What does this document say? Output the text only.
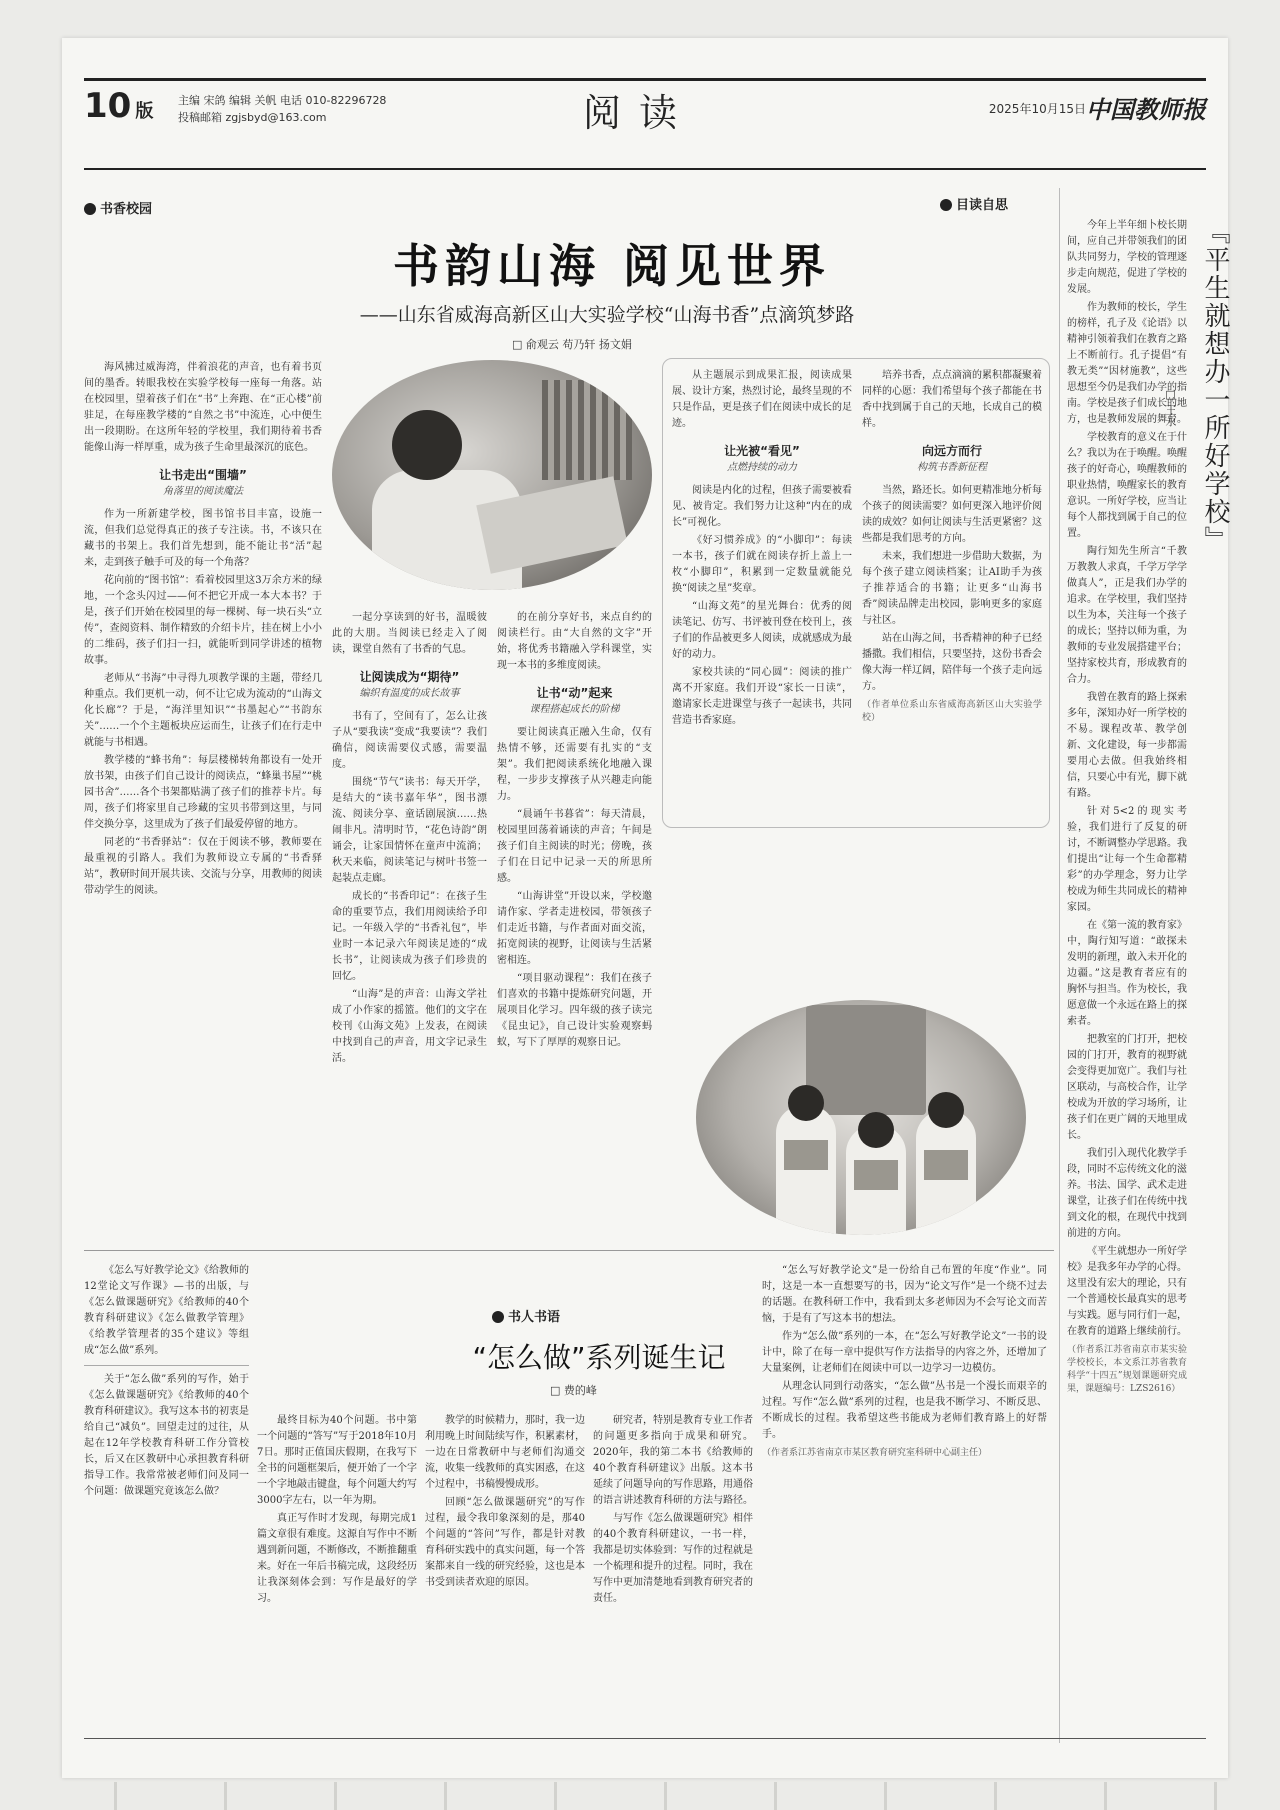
10 版
主编 宋鸽 编辑 关帆 电话 010-82296728
投稿邮箱 zgjsbyd@163.com	阅读	2025年10月15日 中国教师报
书香校园	目读自思
书韵山海 阅见世界
——山东省威海高新区山大实验学校“山海书香”点滴筑梦路
□ 俞观云 苟乃轩 扬文娟

海风拂过威海湾，伴着浪花的声音，也有着书页间的墨香。转眼我校在实验学校每一座每一角落。站在校园里，望着孩子们在“书”上奔跑、在“正心楼”前驻足，在每座教学楼的“自然之书”中流连，心中便生出一段期盼。在这所年轻的学校里，我们期待着书香能像山海一样厚重，成为孩子生命里最深沉的底色。

让书走出“围墙”
角落里的阅读魔法

作为一所新建学校，图书馆书目丰富，设施一流，但我们总觉得真正的孩子专注读。书，不该只在藏书的书架上。我们首先想到，能不能让书“活”起来，走到孩子触手可及的每一个角落？

花向前的“图书馆”：看着校园里这3万余方米的绿地，一个念头闪过——何不把它开成一本大本书？于是，孩子们开始在校园里的每一棵树、每一块石头“立传”，查阅资料、制作精致的介绍卡片，挂在树上小小的二维码，孩子们扫一扫，就能听到同学讲述的植物故事。

老师从“书海”中寻得九项教学课的主题，带经几种重点。我们更机一动，何不让它成为流动的“山海文化长廊”？于是，“海洋里知识”“书墨起心”“书韵东关”……一个个主题板块应运而生，让孩子们在行走中就能与书相遇。

教学楼的“蜂书角”：每层楼梯转角都设有一处开放书架，由孩子们自己设计的阅读点，“蜂巢书屋”“桃园书舍”……各个书架都贴满了孩子们的推荐卡片。每周，孩子们将家里自己珍藏的宝贝书带到这里，与同伴交换分享，这里成为了孩子们最爱停留的地方。

同老的“书香驿站”：仅在于阅读不够，教师要在最重视的引路人。我们为教师设立专属的“书香驿站”，教研时间开展共读、交流与分享，用教师的阅读带动学生的阅读。

一起分享读到的好书，温暖彼此的大朋。当阅读已经走入了阅读，课堂自然有了书香的气息。

让阅读成为“期待”
编织有温度的成长故事

书有了，空间有了，怎么让孩子从“要我读”变成“我要读”？我们确信，阅读需要仪式感，需要温度。

围绕“节气”读书：每天开学，是结大的“读书嘉年华”，图书漂流、阅读分享、童话剧展演……热闹非凡。清明时节，“花色诗韵”朗诵会，让家国情怀在童声中流淌；秋天来临，阅读笔记与树叶书签一起装点走廊。

成长的“书香印记”：在孩子生命的重要节点，我们用阅读给予印记。一年级入学的“书香礼包”，毕业时一本记录六年阅读足迹的“成长书”，让阅读成为孩子们珍贵的回忆。

“山海”是的声音：山海文学社成了小作家的摇篮。他们的文字在校刊《山海文苑》上发表，在阅读中找到自己的声音，用文字记录生活。

的在前分享好书，来点自约的阅读栏行。由“大自然的文字”开始，将优秀书籍融入学科课堂，实现一本书的多维度阅读。

让书“动”起来
课程搭起成长的阶梯

要让阅读真正融入生命，仅有热情不够，还需要有扎实的“支架”。我们把阅读系统化地融入课程，一步步支撑孩子从兴趣走向能力。

“晨诵午书暮省”：每天清晨，校园里回荡着诵读的声音；午间是孩子们自主阅读的时光；傍晚，孩子们在日记中记录一天的所思所感。

“山海讲堂”开设以来，学校邀请作家、学者走进校园，带领孩子们走近书籍，与作者面对面交流，拓宽阅读的视野，让阅读与生活紧密相连。

“项目驱动课程”：我们在孩子们喜欢的书籍中提炼研究问题，开展项目化学习。四年级的孩子读完《昆虫记》，自己设计实验观察蚂蚁，写下了厚厚的观察日记。

从主题展示到成果汇报，阅读成果展、设计方案，热烈讨论，最终呈现的不只是作品，更是孩子们在阅读中成长的足迹。

让光被“看见”
点燃持续的动力

阅读是内化的过程，但孩子需要被看见、被肯定。我们努力让这种“内在的成长”可视化。

《好习惯养成》的“小脚印”：每读一本书，孩子们就在阅读存折上盖上一枚“小脚印”，积累到一定数量就能兑换“阅读之星”奖章。

“山海文苑”的星光舞台：优秀的阅读笔记、仿写、书评被刊登在校刊上，孩子们的作品被更多人阅读，成就感成为最好的动力。

家校共读的“同心圆”：阅读的推广离不开家庭。我们开设“家长一日读”，邀请家长走进课堂与孩子一起读书，共同营造书香家庭。

培养书香，点点滴滴的累积都凝聚着同样的心愿：我们希望每个孩子都能在书香中找到属于自己的天地，长成自己的模样。

向远方而行
构筑书香新征程

当然，路还长。如何更精准地分析每个孩子的阅读需要？如何更深入地评价阅读的成效？如何让阅读与生活更紧密？这些都是我们思考的方向。

未来，我们想进一步借助大数据，为每个孩子建立阅读档案；让AI助手为孩子推荐适合的书籍；让更多“山海书香”阅读品牌走出校园，影响更多的家庭与社区。

站在山海之间，书香精神的种子已经播撒。我们相信，只要坚持，这份书香会像大海一样辽阔，陪伴每一个孩子走向远方。

（作者单位系山东省威海高新区山大实验学校）

今年上半年细卜校长期间，应自己并带领我们的团队共同努力，学校的管理逐步走向规范，促进了学校的发展。

作为教师的校长，学生的榜样，孔子及《论语》以精神引领着我们在教育之路上不断前行。孔子提倡“有教无类”“因材施教”，这些思想至今仍是我们办学的指南。学校是孩子们成长的地方，也是教师发展的舞台。

学校教育的意义在于什么？我以为在于唤醒。唤醒孩子的好奇心，唤醒教师的职业热情，唤醒家长的教育意识。一所好学校，应当让每个人都找到属于自己的位置。

陶行知先生所言“千教万教教人求真，千学万学学做真人”，正是我们办学的追求。在学校里，我们坚持以生为本，关注每一个孩子的成长；坚持以师为重，为教师的专业发展搭建平台；坚持家校共育，形成教育的合力。

我曾在教育的路上探索多年，深知办好一所学校的不易。课程改革、教学创新、文化建设，每一步都需要用心去做。但我始终相信，只要心中有光，脚下就有路。

针对5<2的现实考验，我们进行了反复的研讨，不断调整办学思路。我们提出“让每一个生命都精彩”的办学理念，努力让学校成为师生共同成长的精神家园。

在《第一流的教育家》中，陶行知写道：“敢探未发明的新理，敢入未开化的边疆。”这是教育者应有的胸怀与担当。作为校长，我愿意做一个永远在路上的探索者。

把教室的门打开，把校园的门打开，教育的视野就会变得更加宽广。我们与社区联动，与高校合作，让学校成为开放的学习场所，让孩子们在更广阔的天地里成长。

我们引入现代化教学手段，同时不忘传统文化的滋养。书法、国学、武术走进课堂，让孩子们在传统中找到文化的根，在现代中找到前进的方向。

《平生就想办一所好学校》是我多年办学的心得。这里没有宏大的理论，只有一个普通校长最真实的思考与实践。愿与同行们一起，在教育的道路上继续前行。

（作者系江苏省南京市某实验学校校长，本文系江苏省教育科学“十四五”规划课题研究成果，课题编号：LZS2616）

『平生就想办一所好学校』
□ 王永
书人书语
“怎么做”系列诞生记
□ 费的峰

《怎么写好教学论文》《给教师的12堂论文写作课》—书的出版，与《怎么做课题研究》《给教师的40个教育科研建议》《怎么做教学管理》《给教学管理者的35个建议》等组成“怎么做”系列。

关于“怎么做”系列的写作，始于《怎么做课题研究》《给教师的40个教育科研建议》。我写这本书的初衷是给自己“减负”。回望走过的过往，从起在12年学校教育科研工作分管校长，后又在区教研中心承担教育科研指导工作。我常常被老师们问及同一个问题：做课题究竟该怎么做？

最终目标为40个问题。书中第一个问题的“答写”写于2018年10月7日。那时正值国庆假期，在我写下全书的问题框架后，便开始了一个字一个字地敲击键盘，每个问题大约写3000字左右，以一年为期。

真正写作时才发现，每期完成1篇文章很有难度。这源自写作中不断遇到新问题，不断修改，不断推翻重来。好在一年后书稿完成，这段经历让我深刻体会到：写作是最好的学习。

教学的时候精力，那时，我一边利用晚上时间陆续写作，积累素材，一边在日常教研中与老师们沟通交流，收集一线教师的真实困惑，在这个过程中，书稿慢慢成形。

回顾“怎么做课题研究”的写作过程，最令我印象深刻的是，那40个问题的“答问”写作，都是针对教育科研实践中的真实问题，每一个答案都来自一线的研究经验，这也是本书受到读者欢迎的原因。

研究者，特别是教育专业工作者的问题更多指向于成果和研究。2020年，我的第二本书《给教师的40个教育科研建议》出版。这本书延续了问题导向的写作思路，用通俗的语言讲述教育科研的方法与路径。

与写作《怎么做课题研究》相伴的40个教育科研建议，一书一样，我都是切实体验到：写作的过程就是一个梳理和提升的过程。同时，我在写作中更加清楚地看到教育研究者的责任。

“怎么写好教学论文”是一份给自己布置的年度“作业”。同时，这是一本一直想要写的书，因为“论文写作”是一个绕不过去的话题。在教科研工作中，我看到太多老师因为不会写论文而苦恼，于是有了写这本书的想法。

作为“怎么做”系列的一本，在“怎么写好教学论文”一书的设计中，除了在每一章中提供写作方法指导的内容之外，还增加了大量案例，让老师们在阅读中可以一边学习一边模仿。

从理念认同到行动落实，“怎么做”丛书是一个漫长而艰辛的过程。写作“怎么做”系列的过程，也是我不断学习、不断反思、不断成长的过程。我希望这些书能成为老师们教育路上的好帮手。

（作者系江苏省南京市某区教育研究室科研中心副主任）
